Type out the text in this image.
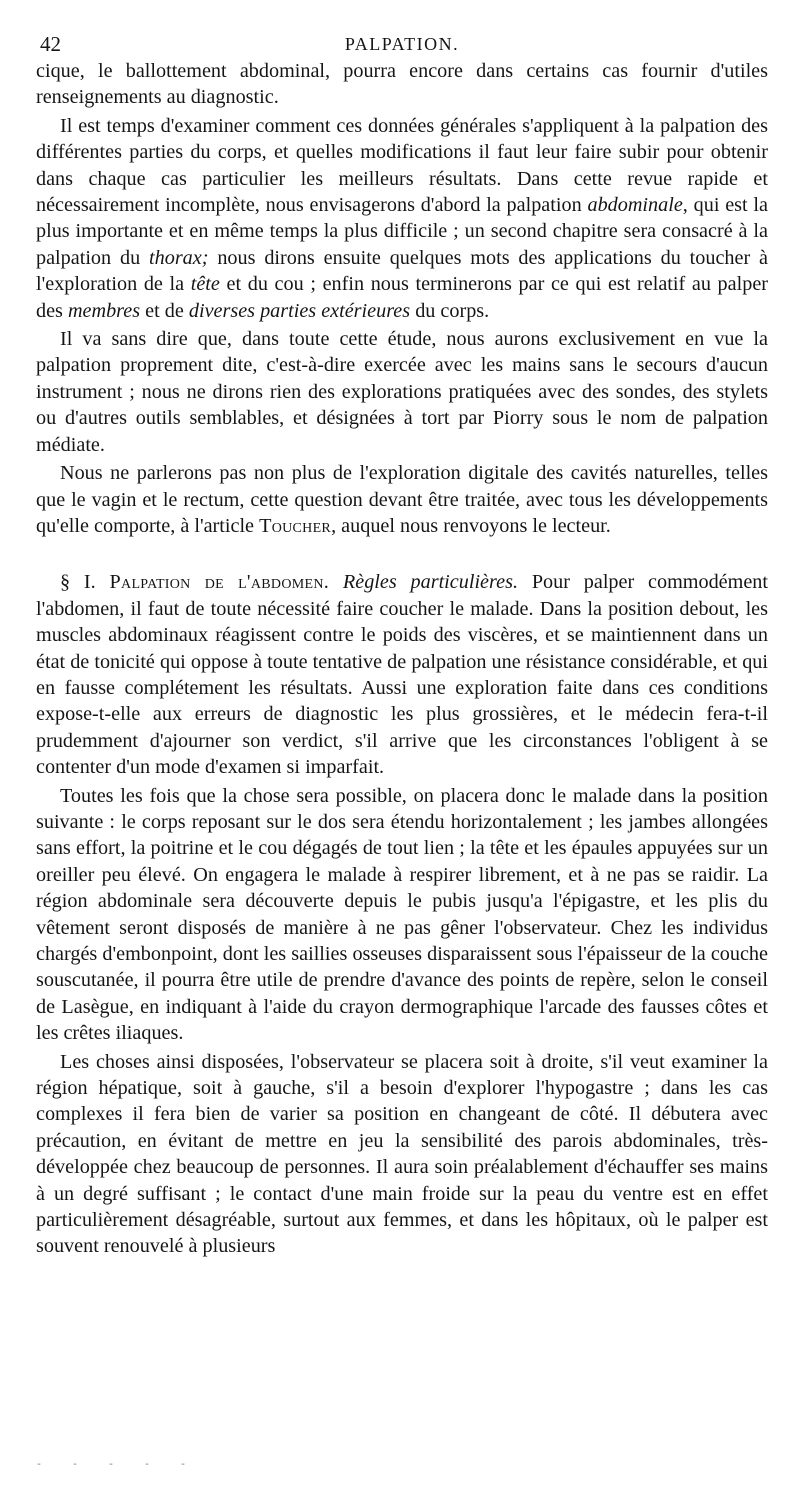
42	PALPATION.

cique, le ballottement abdominal, pourra encore dans certains cas fournir d'utiles renseignements au diagnostic.

Il est temps d'examiner comment ces données générales s'appliquent à la palpation des différentes parties du corps, et quelles modifications il faut leur faire subir pour obtenir dans chaque cas particulier les meilleurs résultats. Dans cette revue rapide et nécessairement incomplète, nous envisagerons d'abord la palpation abdominale, qui est la plus importante et en même temps la plus difficile ; un second chapitre sera consacré à la palpation du thorax; nous dirons ensuite quelques mots des applications du toucher à l'exploration de la tête et du cou ; enfin nous terminerons par ce qui est relatif au palper des membres et de diverses parties extérieures du corps.

Il va sans dire que, dans toute cette étude, nous aurons exclusivement en vue la palpation proprement dite, c'est-à-dire exercée avec les mains sans le secours d'aucun instrument ; nous ne dirons rien des explorations pratiquées avec des sondes, des stylets ou d'autres outils semblables, et désignées à tort par Piorry sous le nom de palpation médiate.

Nous ne parlerons pas non plus de l'exploration digitale des cavités naturelles, telles que le vagin et le rectum, cette question devant être traitée, avec tous les développements qu'elle comporte, à l'article Toucher, auquel nous renvoyons le lecteur.

§ I. Palpation de l'abdomen. Règles particulières. Pour palper commodément l'abdomen, il faut de toute nécessité faire coucher le malade. Dans la position debout, les muscles abdominaux réagissent contre le poids des viscères, et se maintiennent dans un état de tonicité qui oppose à toute tentative de palpation une résistance considérable, et qui en fausse complétement les résultats. Aussi une exploration faite dans ces conditions expose-t-elle aux erreurs de diagnostic les plus grossières, et le médecin fera-t-il prudemment d'ajourner son verdict, s'il arrive que les circonstances l'obligent à se contenter d'un mode d'examen si imparfait.

Toutes les fois que la chose sera possible, on placera donc le malade dans la position suivante : le corps reposant sur le dos sera étendu horizontalement ; les jambes allongées sans effort, la poitrine et le cou dégagés de tout lien ; la tête et les épaules appuyées sur un oreiller peu élevé. On engagera le malade à respirer librement, et à ne pas se raidir. La région abdominale sera découverte depuis le pubis jusqu'a l'épigastre, et les plis du vêtement seront disposés de manière à ne pas gêner l'observateur. Chez les individus chargés d'embonpoint, dont les saillies osseuses disparaissent sous l'épaisseur de la couche souscutanée, il pourra être utile de prendre d'avance des points de repère, selon le conseil de Lasègue, en indiquant à l'aide du crayon dermographique l'arcade des fausses côtes et les crêtes iliaques.

Les choses ainsi disposées, l'observateur se placera soit à droite, s'il veut examiner la région hépatique, soit à gauche, s'il a besoin d'explorer l'hypogastre ; dans les cas complexes il fera bien de varier sa position en changeant de côté. Il débutera avec précaution, en évitant de mettre en jeu la sensibilité des parois abdominales, très-développée chez beaucoup de personnes. Il aura soin préalablement d'échauffer ses mains à un degré suffisant ; le contact d'une main froide sur la peau du ventre est en effet particulièrement désagréable, surtout aux femmes, et dans les hôpitaux, où le palper est souvent renouvelé à plusieurs

- - - - -
